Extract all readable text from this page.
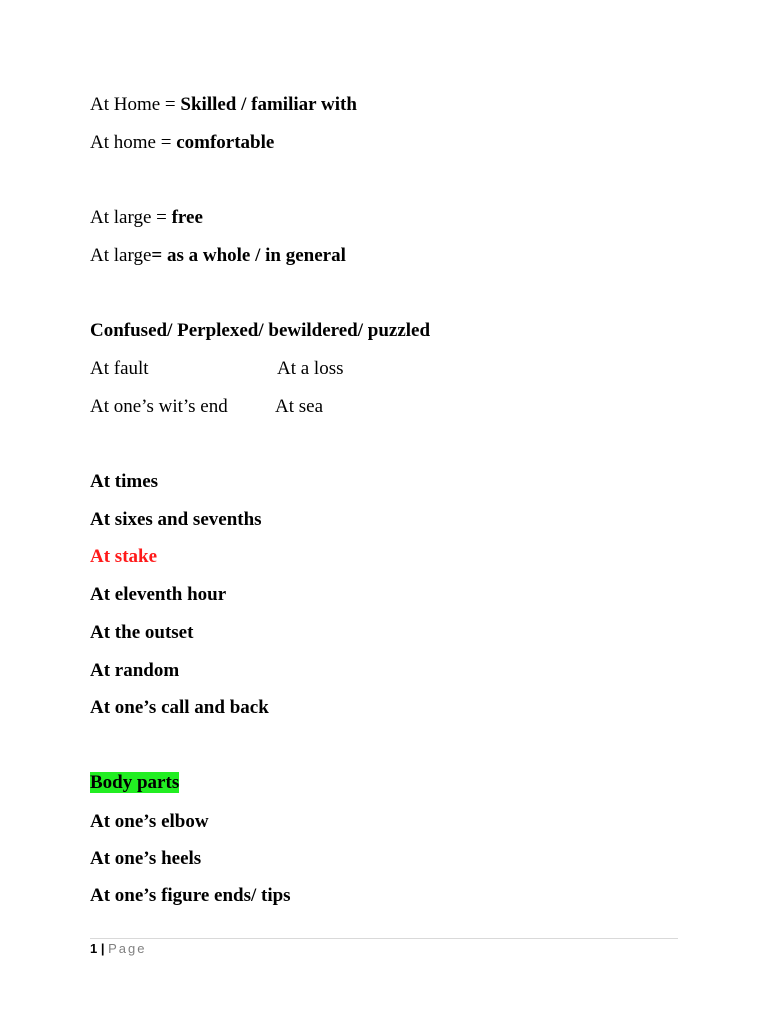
At Home = Skilled / familiar with
At home = comfortable
At large = free
At large= as a whole / in general
Confused/ Perplexed/ bewildered/ puzzled
At fault	At a loss
At one’s wit’s end At sea
At times
At sixes and sevenths
At stake
At eleventh hour
At the outset
At random
At one’s call and back
Body parts
At one’s elbow
At one’s heels
At one’s figure ends/ tips
1 | Page
